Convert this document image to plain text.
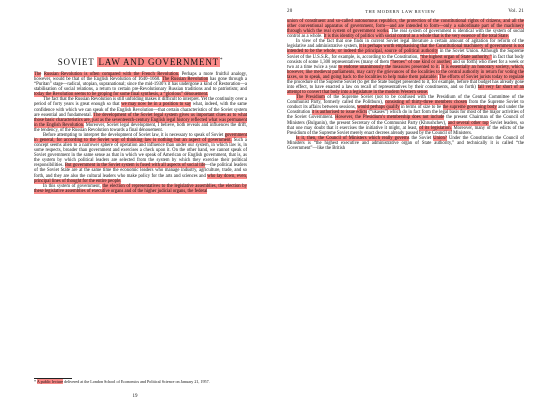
SOVIET LAW AND GOVERNMENT*

The Russian Revolution is often compared with the French Revolution. Perhaps a more fruitful analogy, however, would be that of the English Revolution of 1640–1660. The Russian Revolution has gone through a “Puritan” stage—radical, utopian, supranational; since the mid-1930’s it has undergone a kind of Restoration—a stabilisation of social relations, a return to certain pre-Revolutionary Russian traditions and to patriotism; and today the Revolution seems to be groping for some final synthesis, a “glorious” dénouement.

The fact that the Russian Revolution is still unfolding makes it difficult to interpret. Yet the continuity over a period of forty years is great enough so that we may now be in a position to say what, indeed, with the same confidence with which we can speak of the English Revolution—that certain characteristics of the Soviet system are essential and fundamental. The development of the Soviet legal system gives us important clues as to what those basic characteristics are, just as the seventeenth-century English legal history reflected what was permanent in the English Revolution. Moreover, Soviet legal development, I believe, both reveals and influences the drift, the tendency, of the Russian Revolution towards a final dénouement.

Before attempting to interpret the development of Soviet law, it is necessary to speak of Soviet government in general, for according to the Soviet way of thinking law is nothing but an aspect of government. Such a concept seems alien to a narrower sphere of operation and influence than under our system, in which law is, in some respects, broader than government and exercises a check upon it. On the other hand, we cannot speak of Soviet government in the same sense as that in which we speak of American or English government, that is, as the system by which political leaders are selected from the system by which they exercise their political responsibilities. But government in the Soviet system is fused with all aspects of social life—the political leaders of the Soviet State are at the same time the economic leaders who manage industry, agriculture, trade, and so forth, and they are also the cultural leaders who make policy for the arts and sciences and who lay down, even, principal lines of thought for the entire people.

In this system of government, the election of representatives to the legislative assemblies, the election by these legislative assemblies of executive organs and of the higher judicial organs, the federal

* A public lecture delivered at the London School of Economics and Political Science on January 21, 1957.
19
20	THE MODERN LAW REVIEW	Vol. 21

union of constituent and so-called autonomous republics, the protection of the constitutional rights of citizens, and all the other conventional apparatus of government, form—and are intended to form—only a subordinate part of the machinery through which the real system of government works. The real system of government is identical with the system of social control as a whole. It is this identity of politics with social control as a whole that is the very essence of the total State.

In view of the fact that one finds in current Soviet legal literature a certain amount of agitation for reform of the legislative and administrative system, it is perhaps worth emphasising that the Constitutional machinery of government is not intended to be the whole, or indeed the principal, source of political authority in the Soviet Union. Although the Supreme Soviet of the U.S.S.R., for example, is, according to the Constitution, “the highest organ of State authority,” in fact that body consists of some 1,300 representatives (many of them “heroes” of one kind or another, and so forth) who meet for a week or two at a time twice a year to endorse unanimously the measures presented to it. It is essentially an honorary society, which, however, like medieval parliaments, may carry the grievances of the localities to the central authority in return for voting the taxes, so to speak, and going back to the localities to help make them palatable. The efforts of Soviet jurists today to regulate the procedure of the Supreme Soviet (to get the State budget presented to it, for example, before that budget has already gone into effect, to have enacted a law on recall of representatives by their constituents, and so forth) fall very far short of an attempt to convert that body into a legislature in the modern Western sense.

The Presidium of the Supreme Soviet (not to be confused with the Presidium of the Central Committee of the Communist Party, formerly called the Politburo), consisting of thirty-three members chosen from the Supreme Soviet to conduct its affairs between sessions, would perhaps qualify in terms of size to be the supreme governing body and under the Constitution it is authorised to issue edicts (“ukases”) which do in fact form the legal basis for most of the major activities of the Soviet Government. However, the Presidium’s membership does not include the present Chairman of the Council of Ministers (Bulganin), the present Secretary of the Communist Party (Khrushchev), and several other top Soviet leaders, so that one may doubt that it exercises the initiative it might, at least, of its legislation. Moreover, many of the edicts of the Presidium of the Supreme Soviet merely enact decrees already passed by the Council of Ministers.

Is it, then, the Council of Ministers which really governs the Soviet Union? Under the Constitution the Council of Ministers is “the highest executive and administrative organ of State authority,” and technically it is called “the Government”—like the British
